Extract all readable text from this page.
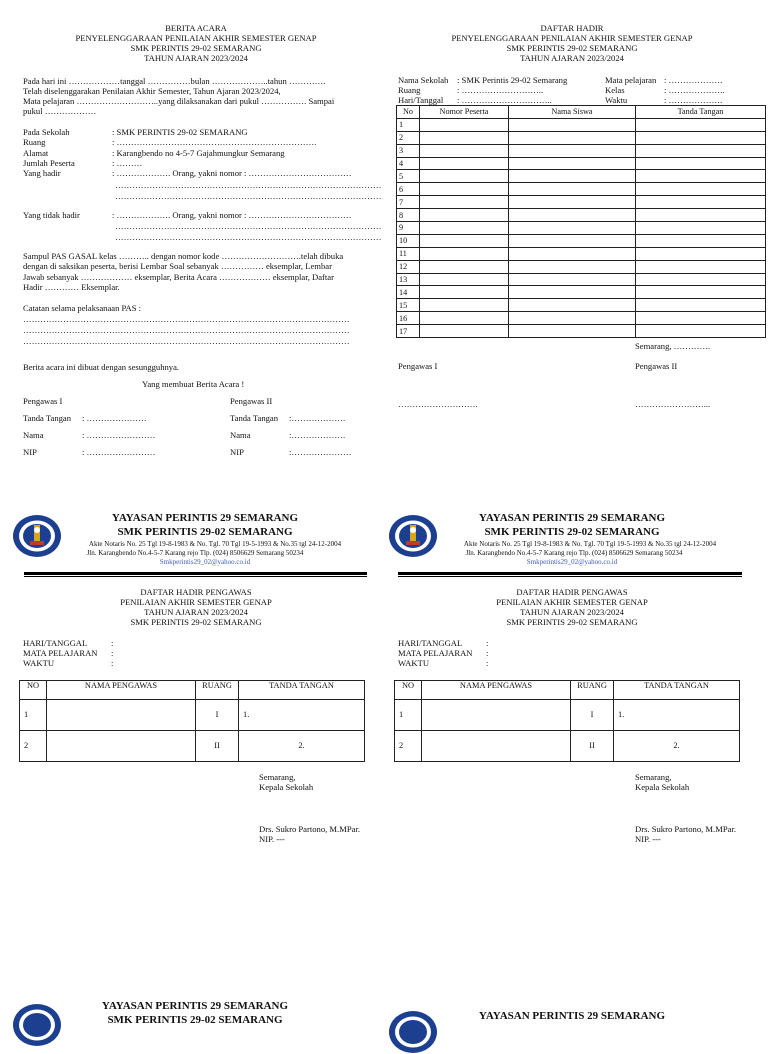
BERITA ACARA
PENYELENGGARAAN PENILAIAN AKHIR SEMESTER GENAP
SMK PERINTIS 29-02 SEMARANG
TAHUN AJARAN 2023/2024
Pada hari ini ………………tanggal ……………bulan ………………..tahun ………….
Telah diselenggarakan Penilaian Akhir Semester, Tahun Ajaran 2023/2024,
Mata pelajaran ………………………..yang dilaksanakan dari pukul ……………. Sampai
pukul ………………
Pada Sekolah	: SMK PERINTIS 29-02 SEMARANG
Ruang	: …………………………………………………………….
Alamat	: Karangbendo no 4-5-7 Gajahmungkur Semarang
Jumlah Peserta	: ………
Yang hadir	: ………………. Orang, yakni nomor : ………………………………
…………………………………………………………………………………
…………………………………………………………………………………
Yang tidak hadir	: ………………. Orang, yakni nomor : ………………………………
…………………………………………………………………………………
…………………………………………………………………………………
Sampul PAS GASAL kelas ……….. dengan nomor kode ……………………….telah dibuka
dengan di saksikan peserta, berisi Lembar Soal sebanyak …………… eksemplar, Lembar
Jawab sebanyak ……………… eksemplar, Berita Acara ……………… eksemplar, Daftar
Hadir ………… Eksemplar.
Catatan selama pelaksanaan PAS :
……………………………………………………………………………………………………
……………………………………………………………………………………………………
……………………………………………………………………………………………………
Berita acara ini dibuat dengan sesungguhnya.
Yang membuat Berita Acara !
Pengawas I
Tanda Tangan : …………………
Nama	: ……………………
NIP	: ……………………
Pengawas II
Tanda Tangan :……………….
Nama	:……………….
NIP	:…………………
DAFTAR HADIR
PENYELENGGARAAN PENILAIAN AKHIR SEMESTER GENAP
SMK PERINTIS 29-02 SEMARANG
TAHUN AJARAN 2023/2024
Nama Sekolah : SMK Perintis 29-02 Semarang
Ruang	: ………………………..
Hari/Tanggal : …………………………..
Mata pelajaran : ……………….
Kelas	: ………………..
Waktu	: ……………….
No	Nomor Peserta	Nama Siswa	Tanda Tangan
1			
2			
3			
4			
5			
6			
7			
8			
9			
10			
11			
12			
13			
14			
15			
16			
17			
Semarang, ………….
Pengawas I	Pengawas II
……………………….	……………………...
YAYASAN PERINTIS 29 SEMARANG
SMK PERINTIS 29-02 SEMARANG
Akte Notaris No. 25 Tgl 19-8-1983 & No. Tgl. 70 Tgl 19-5-1993 & No.35 tgl 24-12-2004
Jln. Karangbendo No.4-5-7 Karang rejo Tlp. (024) 8506629 Semarang 50234
Smkperintis29_02@yahoo.co.id
DAFTAR HADIR PENGAWAS
PENILAIAN AKHIR SEMESTER GENAP
TAHUN AJARAN 2023/2024
SMK PERINTIS 29-02 SEMARANG
HARI/TANGGAL	:
MATA PELAJARAN :
WAKTU	:
NO	NAMA PENGAWAS	RUANG	TANDA TANGAN
1		I	1.
2		II	2.
Semarang,
Kepala Sekolah
Drs. Sukro Partono, M.MPar.
NIP. ---
YAYASAN PERINTIS 29 SEMARANG
SMK PERINTIS 29-02 SEMARANG
YAYASAN PERINTIS 29 SEMARANG
SMK PERINTIS 29-02 SEMARANG
Akte Notaris No. 25 Tgl 19-8-1983 & No. Tgl. 70 Tgl 19-5-1993 & No.35 tgl 24-12-2004
Jln. Karangbendo No.4-5-7 Karang rejo Tlp. (024) 8506629 Semarang 50234
Smkperintis29_02@yahoo.co.id
DAFTAR HADIR PENGAWAS
PENILAIAN AKHIR SEMESTER GENAP
TAHUN AJARAN 2023/2024
SMK PERINTIS 29-02 SEMARANG
HARI/TANGGAL	:
MATA PELAJARAN :
WAKTU	:
NO	NAMA PENGAWAS	RUANG	TANDA TANGAN
1		I	1.
2		II	2.
Semarang,
Kepala Sekolah
Drs. Sukro Partono, M.MPar.
NIP. ---
YAYASAN PERINTIS 29 SEMARANG
